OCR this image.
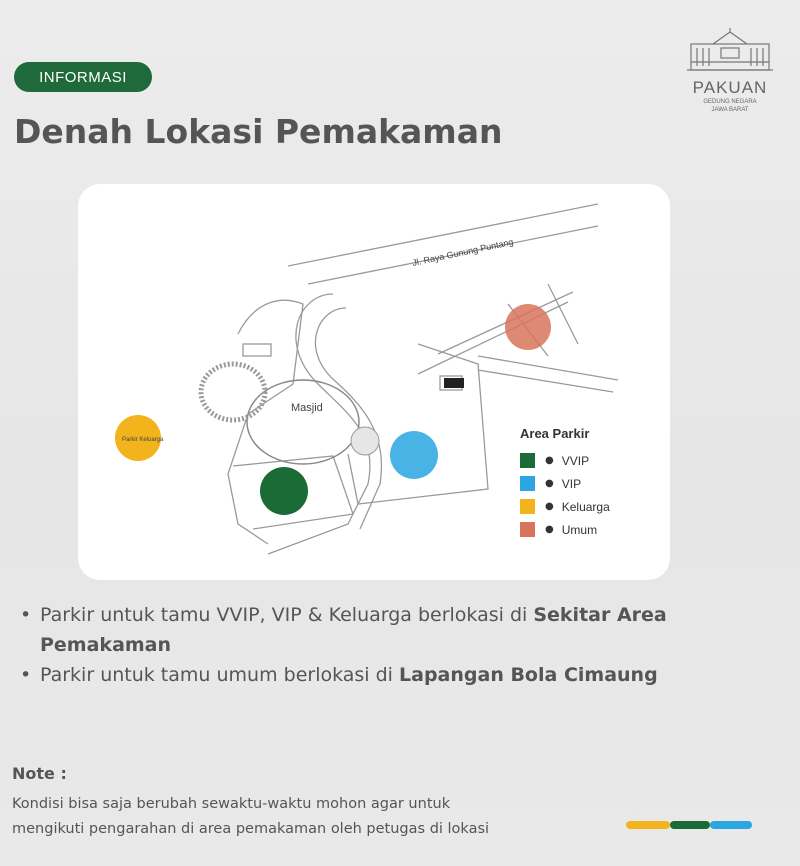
INFORMASI
Denah Lokasi Pemakaman
PAKUAN
GEDUNG NEGARA
JAWA BARAT
Jl. Raya Gunung Puntang
Masjid
Parkir Keluarga	Area Parkir
● VVIP
● VIP
● Keluarga
● Umum
• Parkir untuk tamu VVIP, VIP & Keluarga berlokasi di Sekitar Area Pemakaman
• Parkir untuk tamu umum berlokasi di Lapangan Bola Cimaung
Note :
Kondisi bisa saja berubah sewaktu-waktu mohon agar untuk
mengikuti pengarahan di area pemakaman oleh petugas di lokasi
